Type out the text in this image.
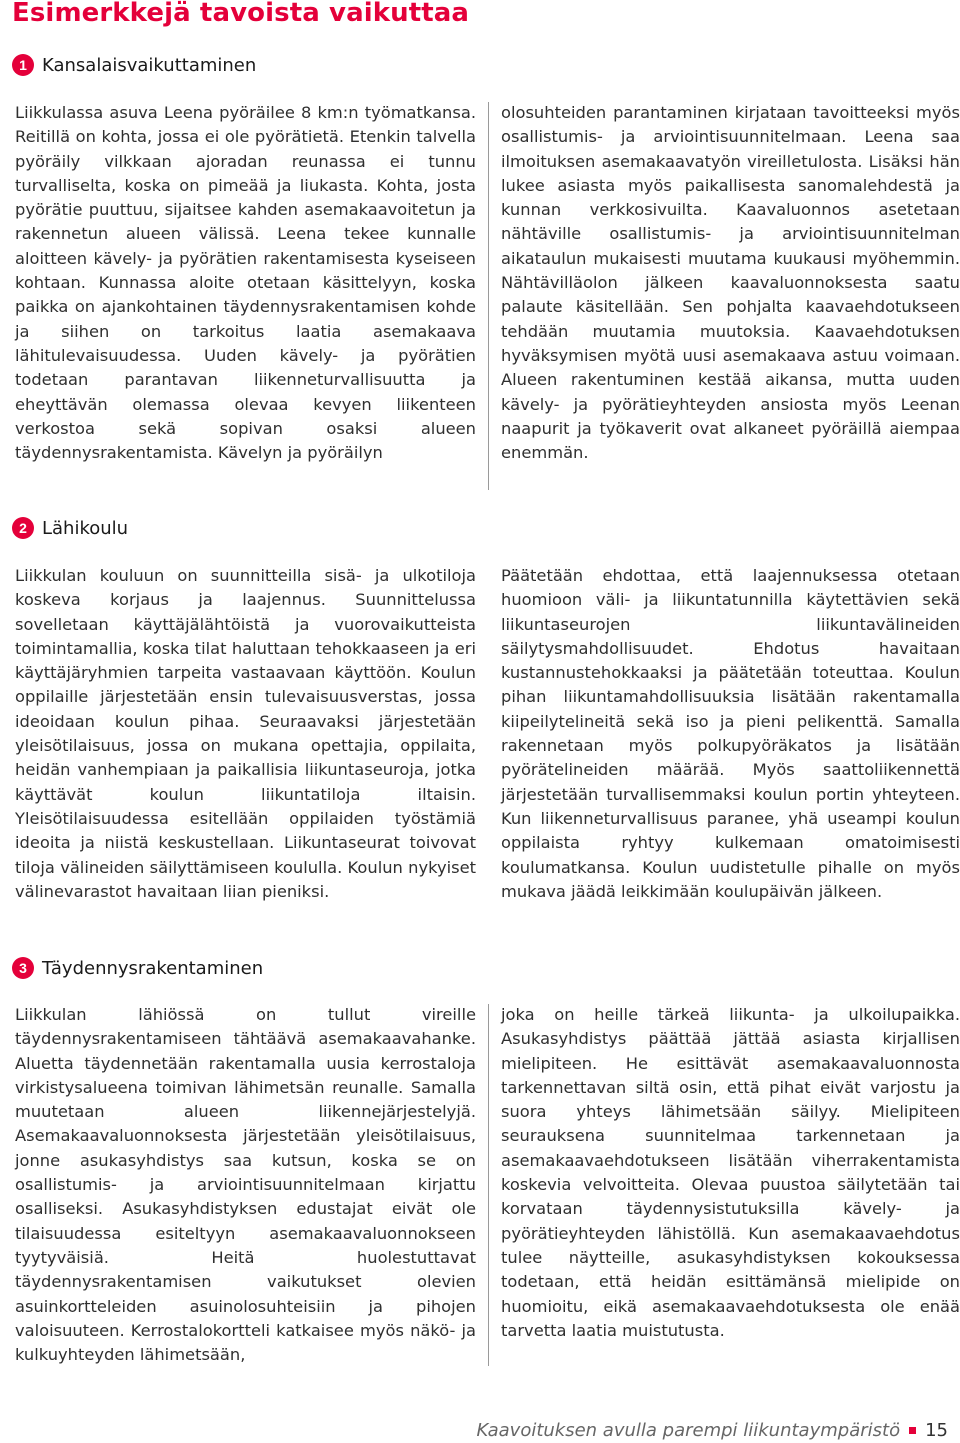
Esimerkkejä tavoista vaikuttaa
1 Kansalaisvaikuttaminen

Liikkulassa asuva Leena pyöräilee 8 km:n työmatkansa. Reitillä on kohta, jossa ei ole pyörätietä. Etenkin talvella pyöräily vilkkaan ajoradan reunassa ei tunnu turvalliselta, koska on pimeää ja liukasta. Kohta, josta pyörätie puuttuu, sijaitsee kahden asemakaavoitetun ja rakennetun alueen välissä. Leena tekee kunnalle aloitteen kävely- ja pyörätien rakentamisesta kyseiseen kohtaan. Kunnassa aloite otetaan käsittelyyn, koska paikka on ajankohtainen täydennysrakentamisen kohde ja siihen on tarkoitus laatia asemakaava lähitulevaisuudessa. Uuden kävely- ja pyörätien todetaan parantavan liikenneturvallisuutta ja eheyttävän olemassa olevaa kevyen liikenteen verkostoa sekä sopivan osaksi alueen täydennysrakentamista. Kävelyn ja pyöräilyn

olosuhteiden parantaminen kirjataan tavoitteeksi myös osallistumis- ja arviointisuunnitelmaan. Leena saa ilmoituksen asemakaavatyön vireilletulosta. Lisäksi hän lukee asiasta myös paikallisesta sanomalehdestä ja kunnan verkkosivuilta. Kaavaluonnos asetetaan nähtäville osallistumis- ja arviointisuunnitelman aikataulun mukaisesti muutama kuukausi myöhemmin. Nähtävilläolon jälkeen kaavaluonnoksesta saatu palaute käsitellään. Sen pohjalta kaavaehdotukseen tehdään muutamia muutoksia. Kaavaehdotuksen hyväksymisen myötä uusi asemakaava astuu voimaan. Alueen rakentuminen kestää aikansa, mutta uuden kävely- ja pyörätieyhteyden ansiosta myös Leenan naapurit ja työkaverit ovat alkaneet pyöräillä aiempaa enemmän.

2 Lähikoulu

Liikkulan kouluun on suunnitteilla sisä- ja ulkotiloja koskeva korjaus ja laajennus. Suunnittelussa sovelletaan käyttäjälähtöistä ja vuorovaikutteista toimintamallia, koska tilat haluttaan tehokkaaseen ja eri käyttäjäryhmien tarpeita vastaavaan käyttöön. Koulun oppilaille järjestetään ensin tulevaisuusverstas, jossa ideoidaan koulun pihaa. Seuraavaksi järjestetään yleisötilaisuus, jossa on mukana opettajia, oppilaita, heidän vanhempiaan ja paikallisia liikuntaseuroja, jotka käyttävät koulun liikuntatiloja iltaisin. Yleisötilaisuudessa esitellään oppilaiden työstämiä ideoita ja niistä keskustellaan. Liikuntaseurat toivovat tiloja välineiden säilyttämiseen koululla. Koulun nykyiset välinevarastot havaitaan liian pieniksi.

Päätetään ehdottaa, että laajennuksessa otetaan huomioon väli- ja liikuntatunnilla käytettävien sekä liikuntaseurojen liikuntavälineiden säilytysmahdollisuudet. Ehdotus havaitaan kustannustehokkaaksi ja päätetään toteuttaa. Koulun pihan liikuntamahdollisuuksia lisätään rakentamalla kiipeilytelineitä sekä iso ja pieni pelikenttä. Samalla rakennetaan myös polkupyöräkatos ja lisätään pyörätelineiden määrää. Myös saattoliikennettä järjestetään turvallisemmaksi koulun portin yhteyteen. Kun liikenneturvallisuus paranee, yhä useampi koulun oppilaista ryhtyy kulkemaan omatoimisesti koulumatkansa. Koulun uudistetulle pihalle on myös mukava jäädä leikkimään koulupäivän jälkeen.

3 Täydennysrakentaminen

Liikkulan lähiössä on tullut vireille täydennysrakentamiseen tähtäävä asemakaavahanke. Aluetta täydennetään rakentamalla uusia kerrostaloja virkistysalueena toimivan lähimetsän reunalle. Samalla muutetaan alueen liikennejärjestelyjä. Asemakaavaluonnoksesta järjestetään yleisötilaisuus, jonne asukasyhdistys saa kutsun, koska se on osallistumis- ja arviointisuunnitelmaan kirjattu osalliseksi. Asukasyhdistyksen edustajat eivät ole tilaisuudessa esiteltyyn asemakaavaluonnokseen tyytyväisiä. Heitä huolestuttavat täydennysrakentamisen vaikutukset olevien asuinkortteleiden asuinolosuhteisiin ja pihojen valoisuuteen. Kerrostalokortteli katkaisee myös näkö- ja kulkuyhteyden lähimetsään,

joka on heille tärkeä liikunta- ja ulkoilupaikka. Asukasyhdistys päättää jättää asiasta kirjallisen mielipiteen. He esittävät asemakaavaluonnosta tarkennettavan siltä osin, että pihat eivät varjostu ja suora yhteys lähimetsään säilyy. Mielipiteen seurauksena suunnitelmaa tarkennetaan ja asemakaavaehdotukseen lisätään viherrakentamista koskevia velvoitteita. Olevaa puustoa säilytetään tai korvataan täydennysistutuksilla kävely- ja pyörätieyhteyden lähistöllä. Kun asemakaavaehdotus tulee näytteille, asukasyhdistyksen kokouksessa todetaan, että heidän esittämänsä mielipide on huomioitu, eikä asemakaavaehdotuksesta ole enää tarvetta laatia muistutusta.

Kaavoituksen avulla parempi liikuntaympäristö 15
